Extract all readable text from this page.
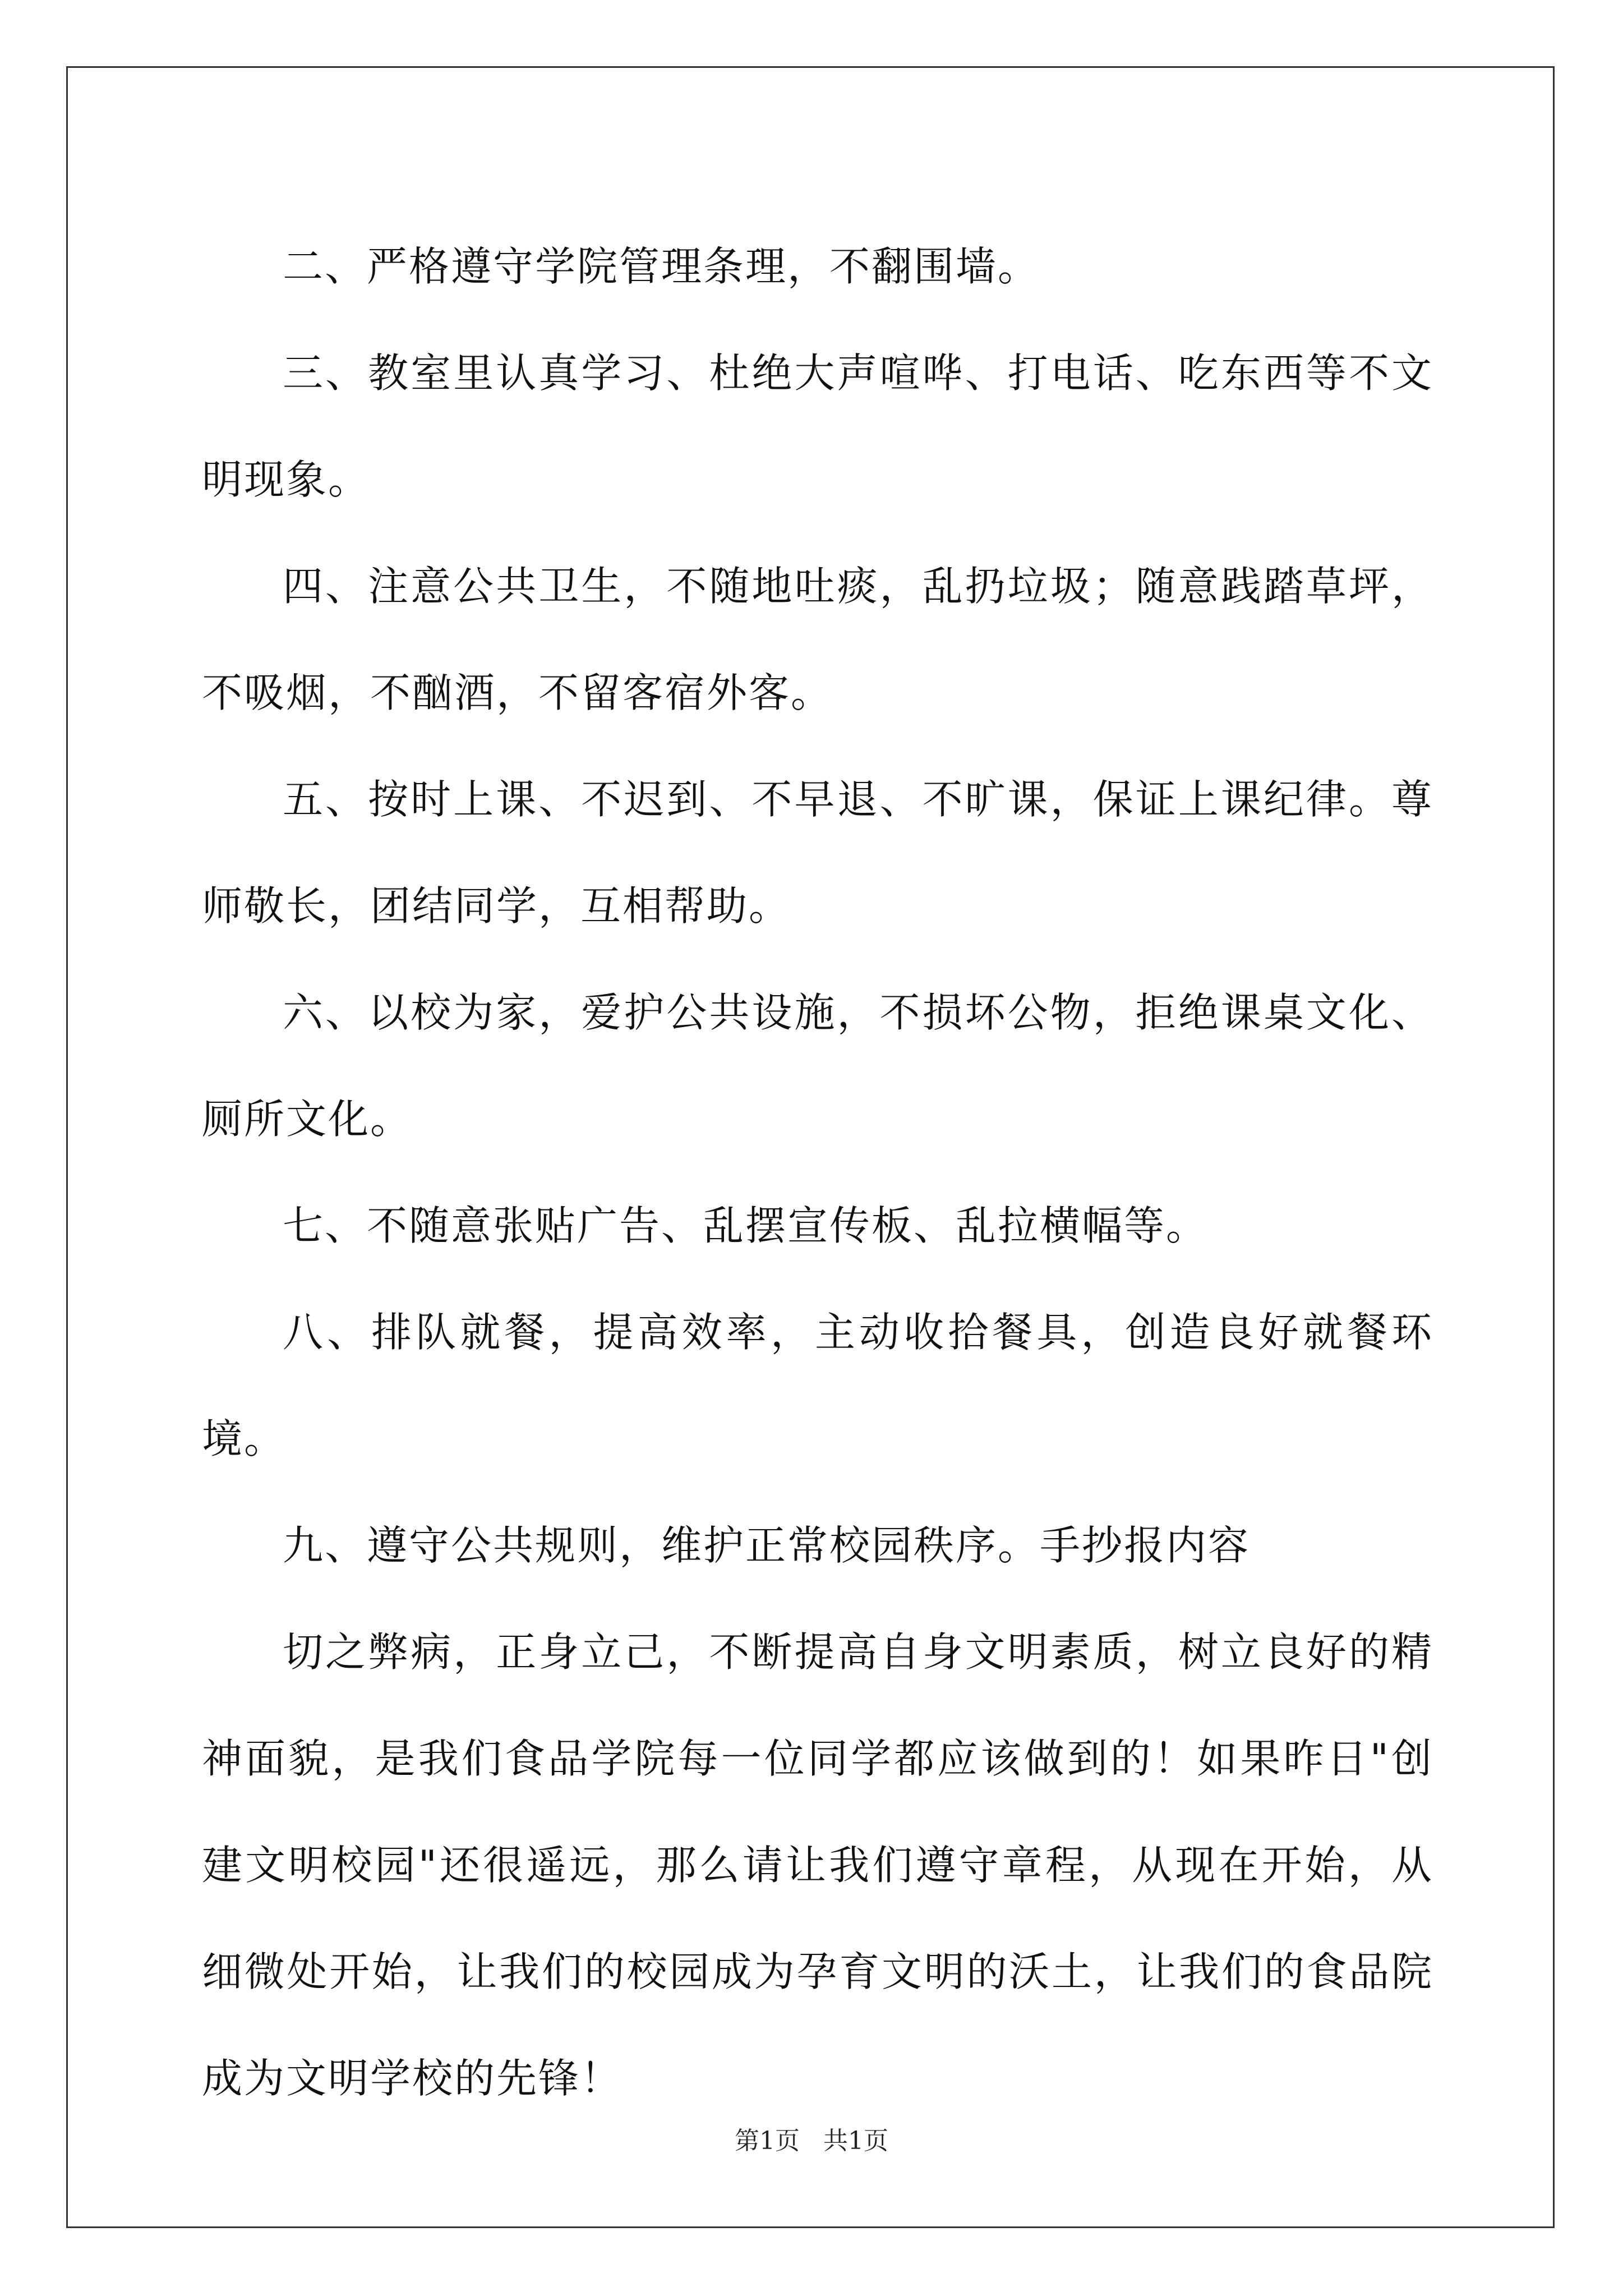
二、严格遵守学院管理条理，不翻围墙。

三、教室里认真学习、杜绝大声喧哗、打电话、吃东西等不文明现象。

四、注意公共卫生，不随地吐痰，乱扔垃圾；随意践踏草坪，不吸烟，不酗酒，不留客宿外客。

五、按时上课、不迟到、不早退、不旷课，保证上课纪律。尊师敬长，团结同学，互相帮助。

六、以校为家，爱护公共设施，不损坏公物，拒绝课桌文化、厕所文化。

七、不随意张贴广告、乱摆宣传板、乱拉横幅等。

八、排队就餐，提高效率，主动收拾餐具，创造良好就餐环境。

九、遵守公共规则，维护正常校园秩序。手抄报内容

切之弊病，正身立己，不断提高自身文明素质，树立良好的精神面貌，是我们食品学院每一位同学都应该做到的！如果昨日"创建文明校园"还很遥远，那么请让我们遵守章程，从现在开始，从细微处开始，让我们的校园成为孕育文明的沃土，让我们的食品院成为文明学校的先锋！

第1页 共1页
